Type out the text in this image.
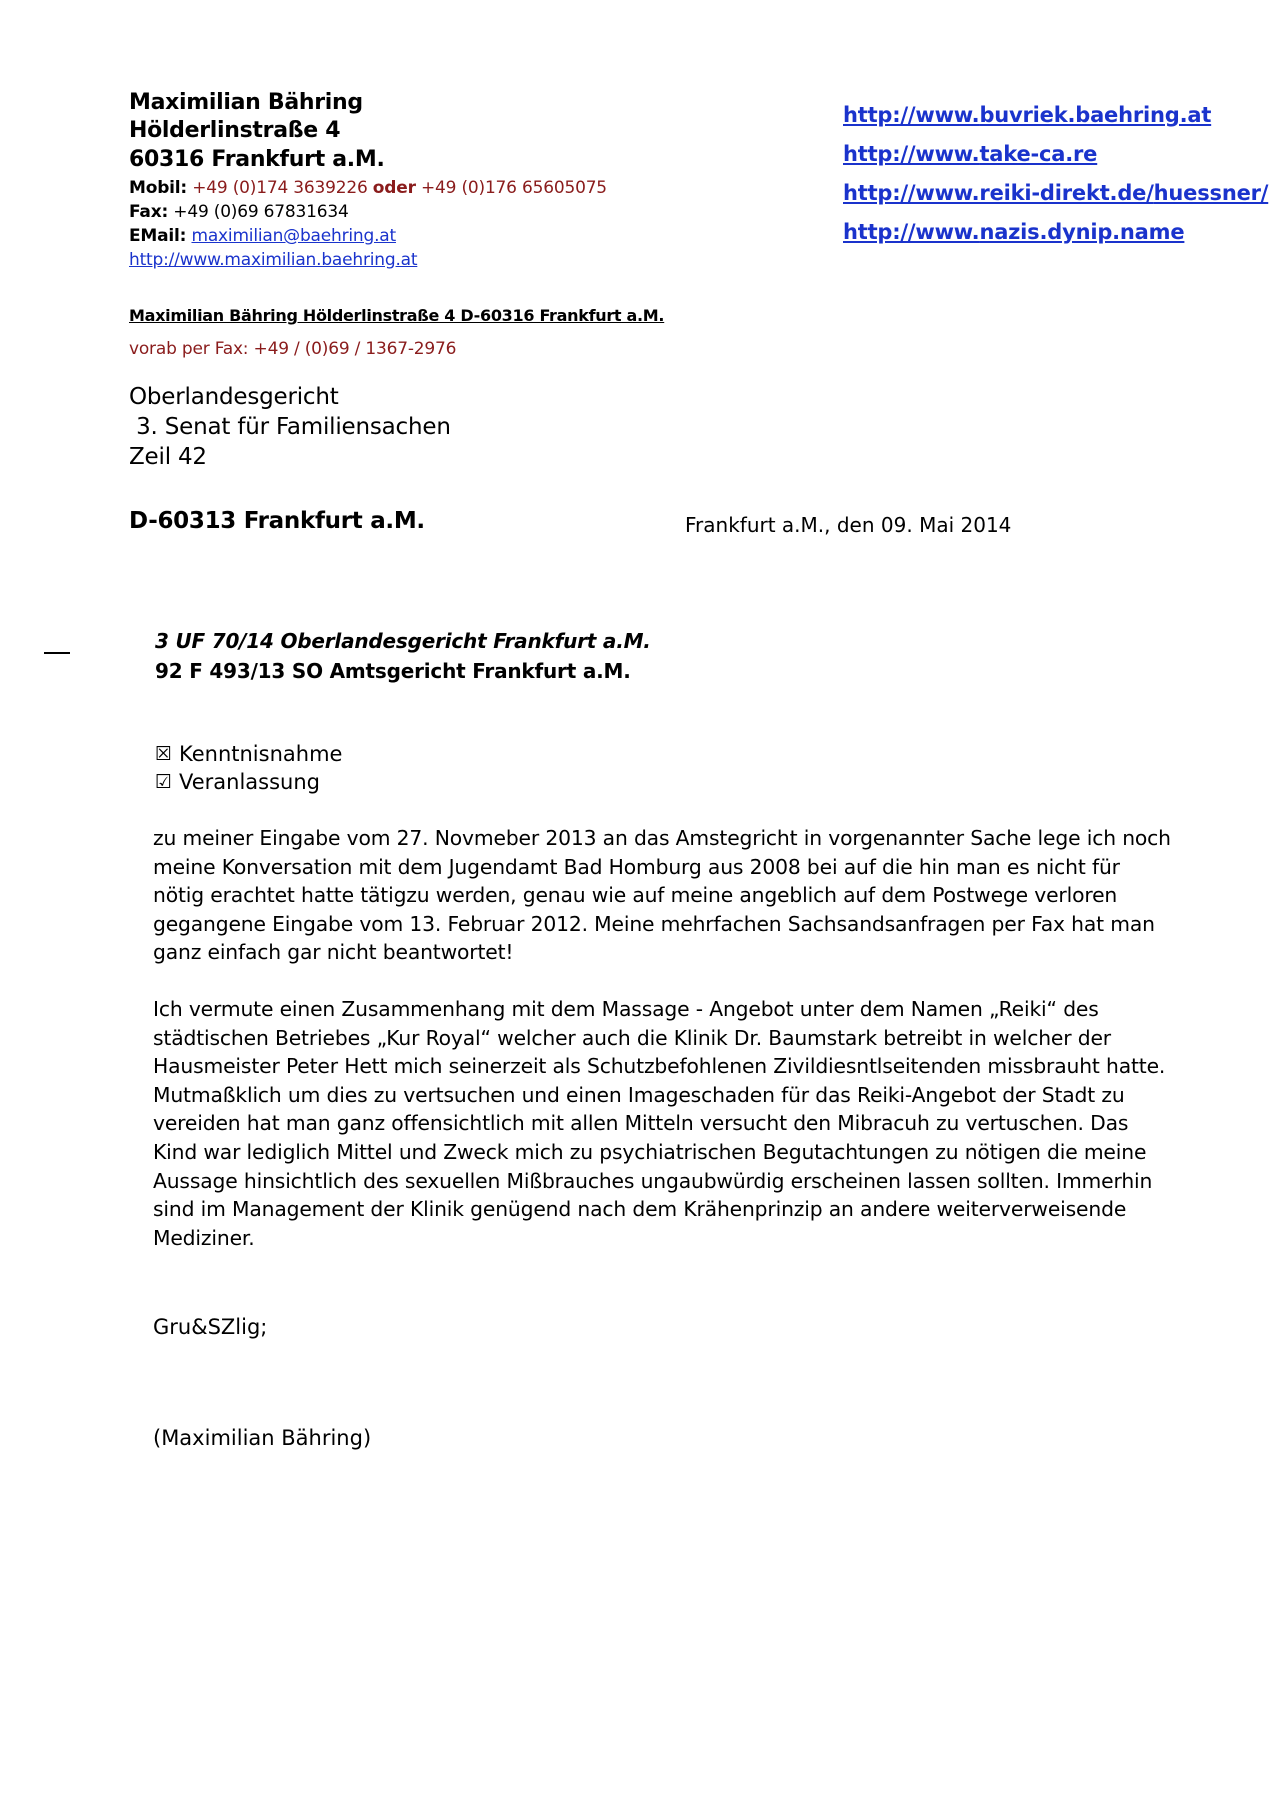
Maximilian Bähring
Hölderlinstraße 4
60316 Frankfurt a.M.
Mobil: +49 (0)174 3639226 oder +49 (0)176 65605075
Fax: +49 (0)69 67831634
EMail: maximilian@baehring.at
http://www.maximilian.baehring.at
http://www.buvriek.baehring.at
http://www.take-ca.re
http://www.reiki-direkt.de/huessner/
http://www.nazis.dynip.name
Maximilian Bähring Hölderlinstraße 4 D-60316 Frankfurt a.M.
vorab per Fax: +49 / (0)69 / 1367-2976
Oberlandesgericht
3. Senat für Familiensachen
Zeil 42
D-60313 Frankfurt a.M.	Frankfurt a.M., den 09. Mai 2014
3 UF 70/14 Oberlandesgericht Frankfurt a.M.
92 F 493/13 SO Amtsgericht Frankfurt a.M.
☒ Kenntnisnahme
☑ Veranlassung
zu meiner Eingabe vom 27. Novmeber 2013 an das Amstegricht in vorgenannter Sache lege ich noch
meine Konversation mit dem Jugendamt Bad Homburg aus 2008 bei auf die hin man es nicht für
nötig erachtet hatte tätigzu werden, genau wie auf meine angeblich auf dem Postwege verloren
gegangene Eingabe vom 13. Februar 2012. Meine mehrfachen Sachsandsanfragen per Fax hat man
ganz einfach gar nicht beantwortet!
Ich vermute einen Zusammenhang mit dem Massage - Angebot unter dem Namen „Reiki“ des
städtischen Betriebes „Kur Royal“ welcher auch die Klinik Dr. Baumstark betreibt in welcher der
Hausmeister Peter Hett mich seinerzeit als Schutzbefohlenen Zivildiesntlseitenden missbrauht hatte.
Mutmaßklich um dies zu vertsuchen und einen Imageschaden für das Reiki-Angebot der Stadt zu
vereiden hat man ganz offensichtlich mit allen Mitteln versucht den Mibracuh zu vertuschen. Das
Kind war lediglich Mittel und Zweck mich zu psychiatrischen Begutachtungen zu nötigen die meine
Aussage hinsichtlich des sexuellen Mißbrauches ungaubwürdig erscheinen lassen sollten. Immerhin
sind im Management der Klinik genügend nach dem Krähenprinzip an andere weiterverweisende
Mediziner.
Gru&SZlig;
(Maximilian Bähring)
